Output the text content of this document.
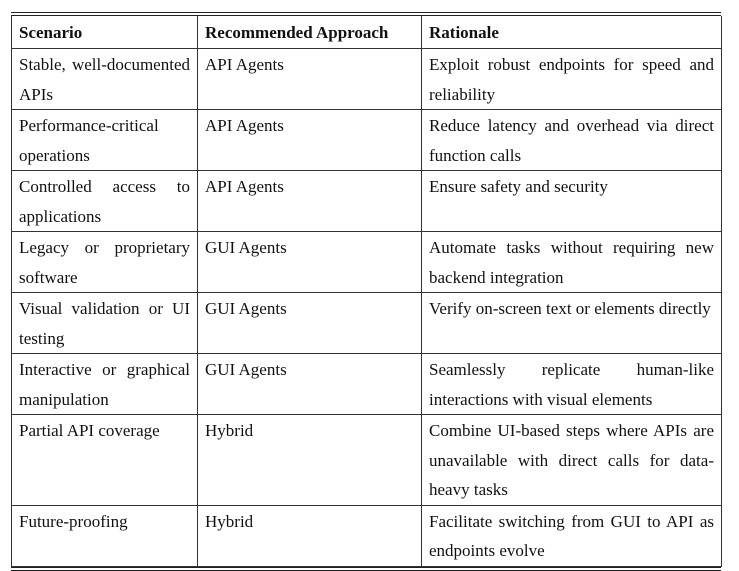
Scenario	Recommended Approach	Rationale
Stable, well-documented APIs	API Agents	Exploit robust endpoints for speed and reliability
Performance-critical operations	API Agents	Reduce latency and overhead via direct function calls
Controlled access to applications	API Agents	Ensure safety and security
Legacy or proprietary software	GUI Agents	Automate tasks without requiring new backend integration
Visual validation or UI testing	GUI Agents	Verify on-screen text or elements directly
Interactive or graphical manipulation	GUI Agents	Seamlessly replicate human-like interactions with visual elements
Partial API coverage	Hybrid	Combine UI-based steps where APIs are unavailable with direct calls for data-heavy tasks
Future-proofing	Hybrid	Facilitate switching from GUI to API as endpoints evolve
